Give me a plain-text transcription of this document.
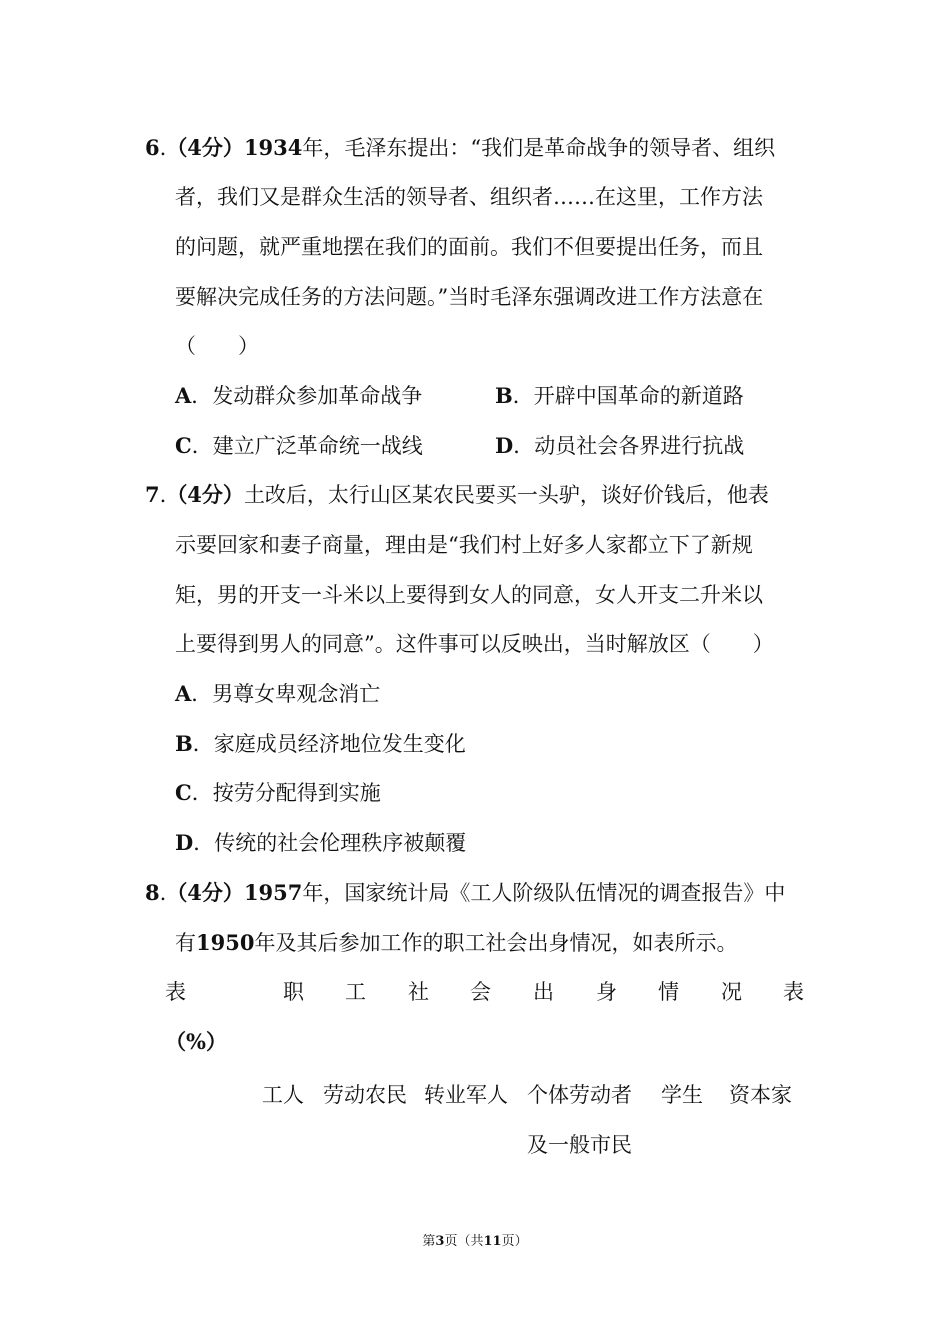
6.（4分）1934年，毛泽东提出：“我们是革命战争的领导者、组织
者，我们又是群众生活的领导者、组织者……在这里，工作方法
的问题，就严重地摆在我们的面前。我们不但要提出任务，而且
要解决完成任务的方法问题。”当时毛泽东强调改进工作方法意在
（　　）
A．发动群众参加革命战争	B．开辟中国革命的新道路
C．建立广泛革命统一战线	D．动员社会各界进行抗战
7.（4分）土改后，太行山区某农民要买一头驴，谈好价钱后，他表
示要回家和妻子商量，理由是“我们村上好多人家都立下了新规
矩，男的开支一斗米以上要得到女人的同意，女人开支二升米以
上要得到男人的同意”。这件事可以反映出，当时解放区（　　）
A．男尊女卑观念消亡
B．家庭成员经济地位发生变化
C．按劳分配得到实施
D．传统的社会伦理秩序被颠覆
8.（4分）1957年，国家统计局《工人阶级队伍情况的调查报告》中
有1950年及其后参加工作的职工社会出身情况，如表所示。
表	职 工 社 会 出 身 情 况 表
（%）
工人 劳动农民 转业军人 个体劳动者 学生 资本家
及一般市民
第3页（共11页）
